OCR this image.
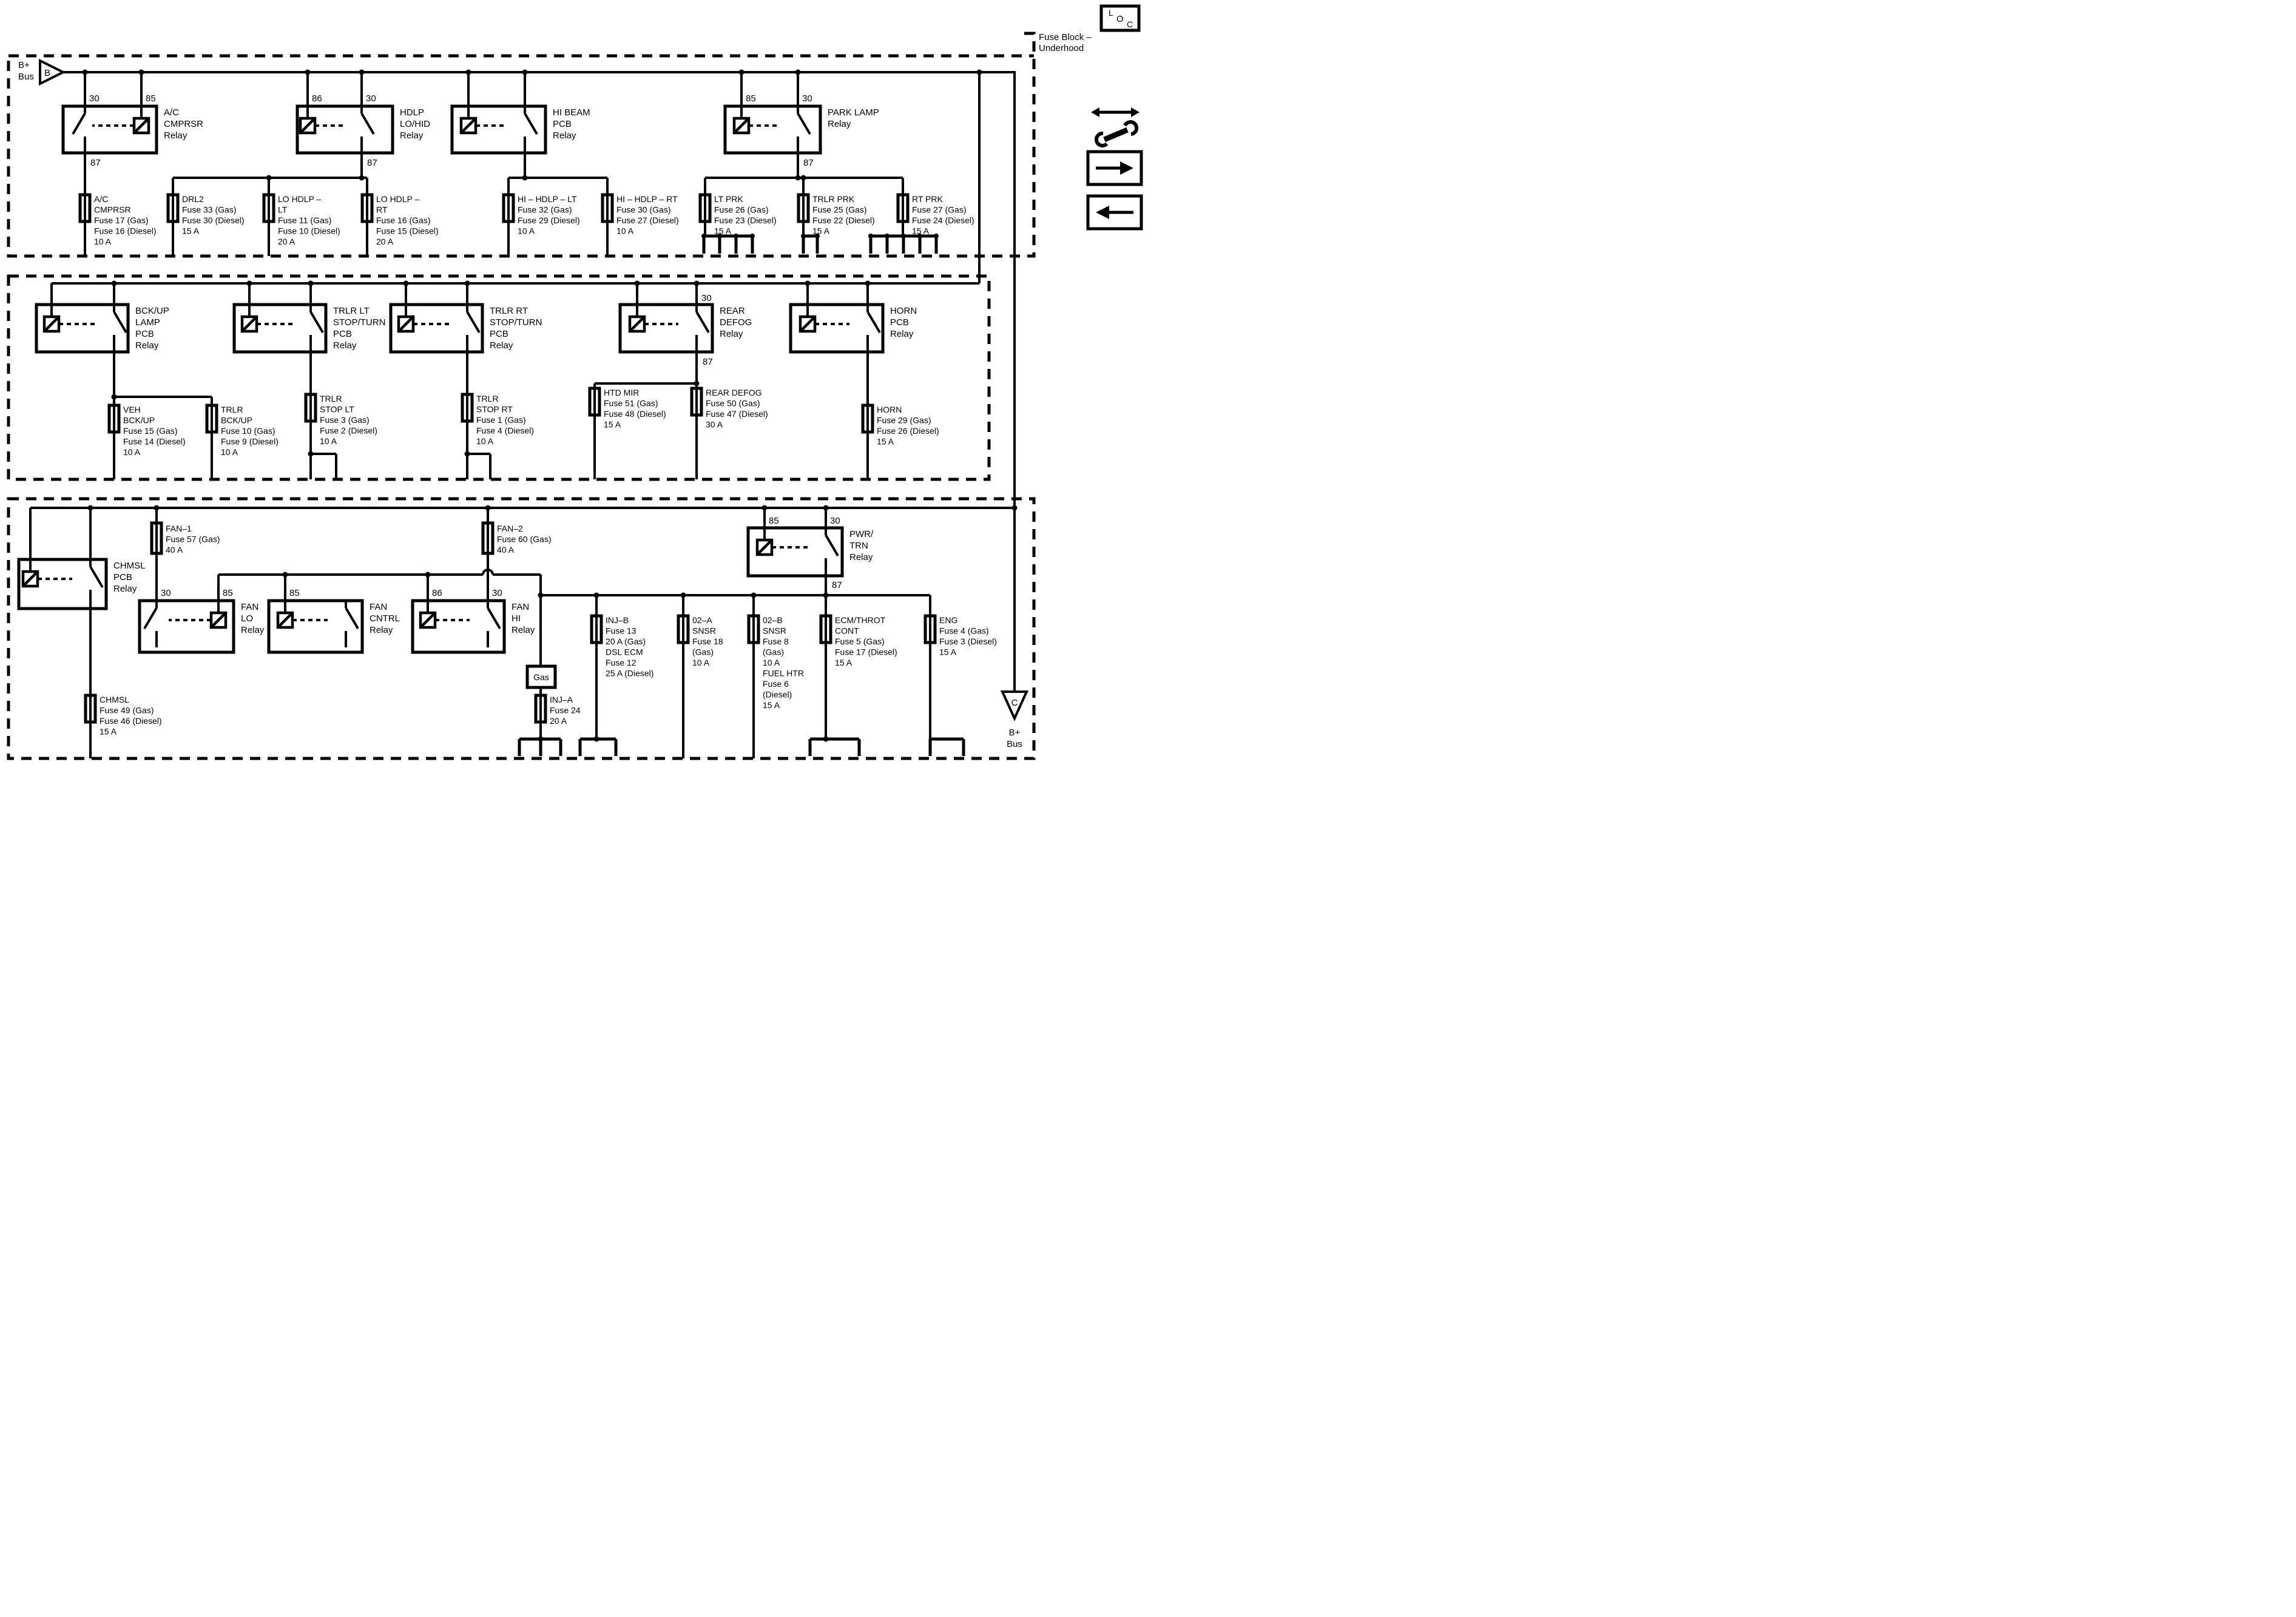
Fuse Block – Underhood
L
O C
B+ Bus B
30	85
87
A/C CMPRSR Relay
86	30
87
HDLP LO/HID Relay
HI BEAM PCB Relay
85	30
87
PARK LAMP Relay
BCK/UP LAMP PCB Relay
TRLR LT STOP/TURN PCB Relay
TRLR RT STOP/TURN PCB Relay
30
87
REAR DEFOG Relay
HORN PCB Relay
CHMSL PCB Relay	30	85
FAN LO Relay
85
FAN CNTRL Relay
86	30
FAN HI Relay
85	30
87
PWR/ TRN Relay
A/C CMPRSR Fuse 17 (Gas) Fuse 16 (Diesel) 10 A
DRL2 Fuse 33 (Gas) Fuse 30 (Diesel) 15 A
LO HDLP – LT Fuse 11 (Gas) Fuse 10 (Diesel) 20 A
LO HDLP – RT Fuse 16 (Gas) Fuse 15 (Diesel) 20 A
HI – HDLP – LT Fuse 32 (Gas) Fuse 29 (Diesel) 10 A
HI – HDLP – RT Fuse 30 (Gas) Fuse 27 (Diesel) 10 A
LT PRK Fuse 26 (Gas) Fuse 23 (Diesel) 15 A
TRLR PRK Fuse 25 (Gas) Fuse 22 (Diesel) 15 A
RT PRK Fuse 27 (Gas) Fuse 24 (Diesel) 15 A
VEH BCK/UP Fuse 15 (Gas) Fuse 14 (Diesel) 10 A
TRLR BCK/UP Fuse 10 (Gas) Fuse 9 (Diesel) 10 A
TRLR STOP LT Fuse 3 (Gas) Fuse 2 (Diesel) 10 A
TRLR STOP RT Fuse 1 (Gas) Fuse 4 (Diesel) 10 A
HTD MIR Fuse 51 (Gas) Fuse 48 (Diesel) 15 A
REAR DEFOG Fuse 50 (Gas) Fuse 47 (Diesel) 30 A
HORN Fuse 29 (Gas) Fuse 26 (Diesel) 15 A
FAN–1 Fuse 57 (Gas) 40 A
FAN–2 Fuse 60 (Gas) 40 A
CHMSL Fuse 49 (Gas) Fuse 46 (Diesel) 15 A
Gas
INJ–A Fuse 24 20 A
INJ–B Fuse 13 20 A (Gas) DSL ECM Fuse 12 25 A (Diesel)
02–A SNSR Fuse 18 (Gas) 10 A
02–B SNSR Fuse 8 (Gas) 10 A FUEL HTR Fuse 6 (Diesel) 15 A
ECM/THROT CONT Fuse 5 (Gas) Fuse 17 (Diesel) 15 A
ENG Fuse 4 (Gas) Fuse 3 (Diesel) 15 A
C
B+ Bus
